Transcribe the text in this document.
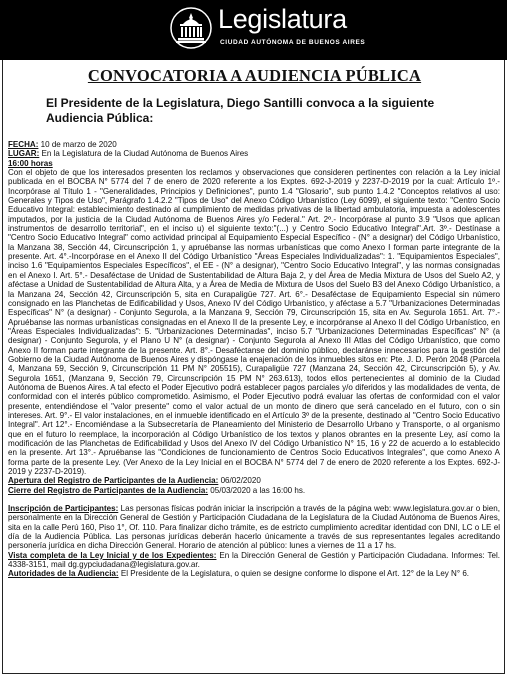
Legislatura
CIUDAD AUTÓNOMA DE BUENOS AIRES
CONVOCATORIA A AUDIENCIA PÚBLICA
El Presidente de la Legislatura, Diego Santilli convoca a la siguiente Audiencia Pública:

FECHA: 10 de marzo de 2020

LUGAR: En la Legislatura de la Ciudad Autónoma de Buenos Aires

16:00 horas

Con el objeto de que los interesados presenten los reclamos y observaciones que consideren pertinentes con relación a la Ley inicial publicada en el BOCBA N° 5774 del 7 de enero de 2020 referente a los Exptes. 692-J-2019 y 2237-D-2019 por la cual: Artículo 1º.- Incorpórase al Título 1 - "Generalidades, Principios y Definiciones", punto 1.4 "Glosario", sub punto 1.4.2 "Conceptos relativos al uso: Generales y Tipos de Uso", Parágrafo 1.4.2.2 "Tipos de Uso" del Anexo Código Urbanístico (Ley 6099), el siguiente texto: "Centro Socio Educativo Integral: establecimiento destinado al cumplimiento de medidas privativas de la libertad ambulatoria, impuesta a adolescentes imputados, por la justicia de la Ciudad Autónoma de Buenos Aires y/o Federal." Art. 2º.- Incorpórase al punto 3.9 "Usos que aplican instrumentos de desarrollo territorial", en el inciso u) el siguiente texto:"(...) y Centro Socio Educativo Integral".Art. 3º.- Destínase a "Centro Socio Educativo Integral" como actividad principal al Equipamiento Especial Específico - (N° a designar) del Código Urbanístico, la Manzana 38, Sección 44, Circunscripción 1, y apruébanse las normas urbanísticas que como Anexo I forman parte integrante de la presente. Art. 4°.-Incorpórase en el Anexo II del Código Urbanístico "Áreas Especiales Individualizadas": 1. "Equipamientos Especiales", inciso 1.6 "Equipamientos Especiales Específicos", el EE - (N° a designar), "Centro Socio Educativo Integral", y las normas consignadas en el Anexo I. Art. 5°.- Desaféctase de Unidad de Sustentabilidad de Altura Baja 2, y del Área de Media Mixtura de Usos del Suelo A2, y aféctase a Unidad de Sustentabilidad de Altura Alta, y a Área de Media de Mixtura de Usos del Suelo B3 del Anexo Código Urbanístico, a la Manzana 24, Sección 42, Circunscripción 5, sita en Curapaligüe 727. Art. 6°.- Desaféctase de Equipamiento Especial sin número consignado en las Planchetas de Edificabilidad y Usos, Anexo IV del Código Urbanístico, y aféctase a 5.7 "Urbanizaciones Determinadas Específicas" N° (a designar) - Conjunto Segurola, a la Manzana 9, Sección 79, Circunscripción 15, sita en Av. Segurola 1651. Art. 7°.- Apruébanse las normas urbanísticas consignadas en el Anexo II de la presente Ley, e incorpóranse al Anexo II del Código Urbanístico, en "Áreas Especiales Individualizadas": 5. "Urbanizaciones Determinadas", inciso 5.7 "Urbanizaciones Determinadas Específicas" N° (a designar) - Conjunto Segurola, y el Plano U N° (a designar) - Conjunto Segurola al Anexo III Atlas del Código Urbanístico, que como Anexo II forman parte integrante de la presente. Art. 8°.- Desaféctanse del dominio público, declaránse innecesarios para la gestión del Gobierno de la Ciudad Autónoma de Buenos Aires y dispóngase la enajenación de los inmuebles sitos en: Pte. J. D. Perón 2048 (Parcela 4, Manzana 59, Sección 9, Circunscripción 11 PM N° 205515), Curapaligüe 727 (Manzana 24, Sección 42, Circunscripción 5), y Av. Segurola 1651, (Manzana 9, Sección 79, Circunscripción 15 PM N° 263.613), todos ellos pertenecientes al dominio de la Ciudad Autónoma de Buenos Aires. A tal efecto el Poder Ejecutivo podrá establecer pagos parciales y/o diferidos y las modalidades de venta, de conformidad con el interés público comprometido. Asimismo, el Poder Ejecutivo podrá evaluar las ofertas de conformidad con el valor presente, entendiéndose el "valor presente" como el valor actual de un monto de dinero que será cancelado en el futuro, con o sin intereses. Art. 9°.- El valor instalaciones, en el inmueble identificado en el Artículo 3º de la presente, destinado al "Centro Socio Educativo Integral". Art 12°.- Encomiéndase a la Subsecretaría de Planeamiento del Ministerio de Desarrollo Urbano y Transporte, o al organismo que en el futuro lo reemplace, la incorporación al Código Urbanístico de los textos y planos obrantes en la presente Ley, así como la modificación de las Planchetas de Edificabilidad y Usos del Anexo IV del Código Urbanístico N° 15, 16 y 22 de acuerdo a lo establecido en la presente. Art 13°.- Apruébanse las "Condiciones de funcionamiento de Centros Socio Educativos Integrales", que como Anexo A forma parte de la presente Ley. (Ver Anexo de la Ley Inicial en el BOCBA N° 5774 del 7 de enero de 2020 referente a los Exptes. 692-J-2019 y 2237-D-2019).

Apertura del Registro de Participantes de la Audiencia: 06/02/2020

Cierre del Registro de Participantes de la Audiencia: 05/03/2020 a las 16:00 hs.

Inscripción de Participantes: Las personas físicas podrán iniciar la inscripción a través de la página web: www.legislatura.gov.ar o bien, personalmente en la Dirección General de Gestión y Participación Ciudadana de la Legislatura de la Ciudad Autónoma de Buenos Aires, sita en la calle Perú 160, Piso 1°, Of. 110. Para finalizar dicho trámite, es de estricto cumplimiento acreditar identidad con DNI, LC o LE el día de la Audiencia Pública. Las personas jurídicas deberán hacerlo únicamente a través de sus representantes legales acreditando personería jurídica en dicha Dirección General. Horario de atención al público: lunes a viernes de 11 a 17 hs.

Vista completa de la Ley Inicial y de los Expedientes: En la Dirección General de Gestión y Participación Ciudadana. Informes: Tel. 4338-3151, mail dg.gypciudadana@legislatura.gov.ar.

Autoridades de la Audiencia: El Presidente de la Legislatura, o quien se designe conforme lo dispone el Art. 12° de la Ley N° 6.
